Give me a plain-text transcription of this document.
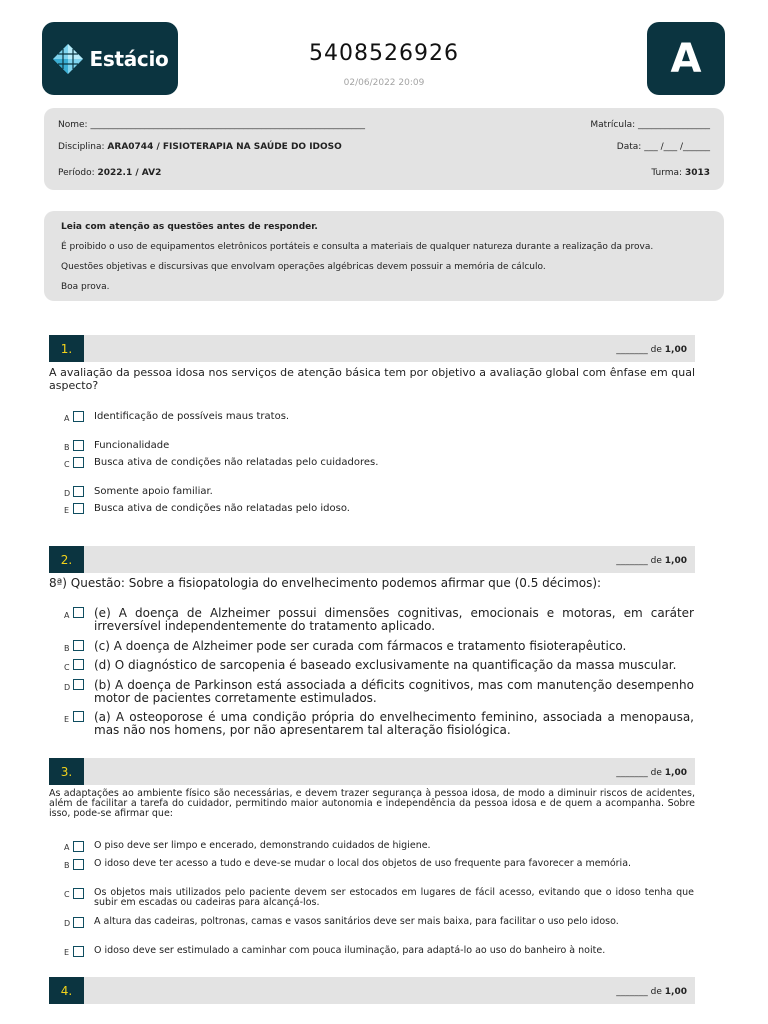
Estácio	5408526926
02/06/2022 20:09
A
Nome: _____________________________________________________________	Matrícula: ________________
Disciplina: ARA0744 / FISIOTERAPIA NA SAÚDE DO IDOSO	Data: ___ /___ /______
Período: 2022.1 / AV2	Turma: 3013
Leia com atenção as questões antes de responder.
É proibido o uso de equipamentos eletrônicos portáteis e consulta a materiais de qualquer natureza durante a realização da prova.
Questões objetivas e discursivas que envolvam operações algébricas devem possuir a memória de cálculo.
Boa prova.
1.	_______ de 1,00
A avaliação da pessoa idosa nos serviços de atenção básica tem por objetivo a avaliação global com ênfase em qual aspecto?
A Identificação de possíveis maus tratos.
B Funcionalidade
C Busca ativa de condições não relatadas pelo cuidadores.
D Somente apoio familiar.
E Busca ativa de condições não relatadas pelo idoso.
2.	_______ de 1,00
8ª) Questão: Sobre a fisiopatologia do envelhecimento podemos afirmar que (0.5 décimos):
A (e) A doença de Alzheimer possui dimensões cognitivas, emocionais e motoras, em caráter irreversível independentemente do tratamento aplicado.
B (c) A doença de Alzheimer pode ser curada com fármacos e tratamento fisioterapêutico.
C (d) O diagnóstico de sarcopenia é baseado exclusivamente na quantificação da massa muscular.
D (b) A doença de Parkinson está associada a déficits cognitivos, mas com manutenção desempenho motor de pacientes corretamente estimulados.
E (a) A osteoporose é uma condição própria do envelhecimento feminino, associada a menopausa, mas não nos homens, por não apresentarem tal alteração fisiológica.
3.	_______ de 1,00
As adaptações ao ambiente físico são necessárias, e devem trazer segurança à pessoa idosa, de modo a diminuir riscos de acidentes, além de facilitar a tarefa do cuidador, permitindo maior autonomia e independência da pessoa idosa e de quem a acompanha. Sobre isso, pode-se afirmar que:
A	O piso deve ser limpo e encerado, demonstrando cuidados de higiene.
B	O idoso deve ter acesso a tudo e deve-se mudar o local dos objetos de uso frequente para favorecer a memória.
C	Os objetos mais utilizados pelo paciente devem ser estocados em lugares de fácil acesso, evitando que o idoso tenha que subir em escadas ou cadeiras para alcançá-los.
D	A altura das cadeiras, poltronas, camas e vasos sanitários deve ser mais baixa, para facilitar o uso pelo idoso.
E	O idoso deve ser estimulado a caminhar com pouca iluminação, para adaptá-lo ao uso do banheiro à noite.
4.	_______ de 1,00
